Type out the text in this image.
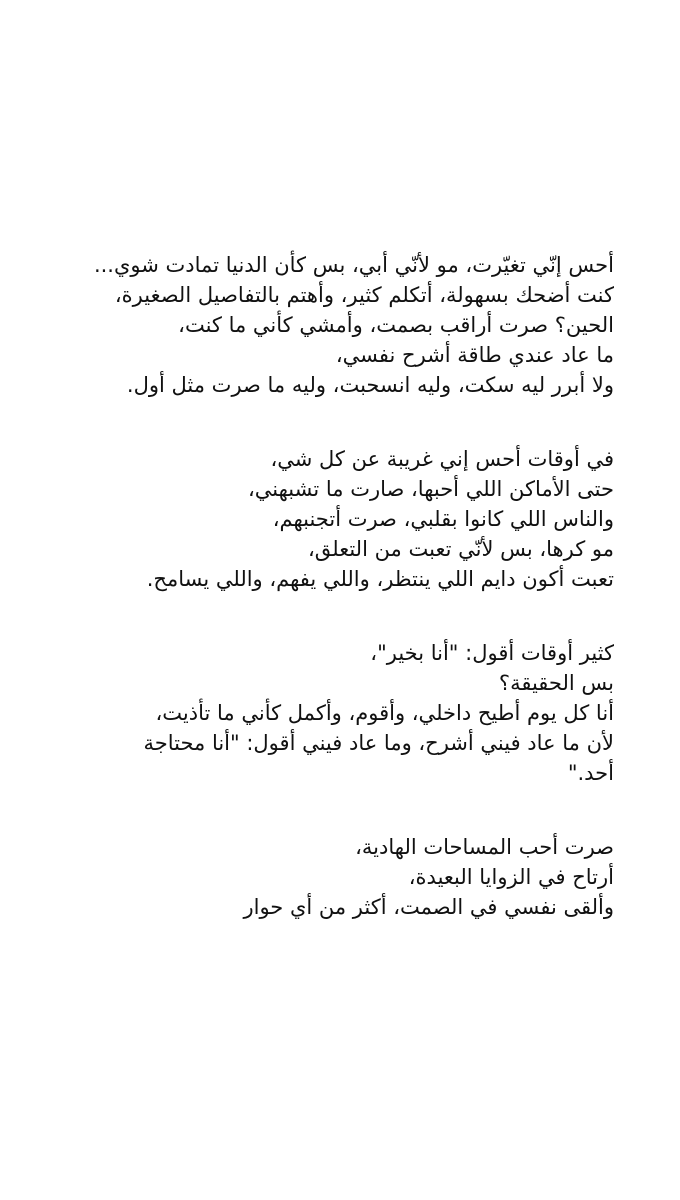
أحس إنّي تغيّرت، مو لأنّي أبي، بس كأن الدنيا تمادت شوي...
كنت أضحك بسهولة، أتكلم كثير، وأهتم بالتفاصيل الصغيرة،
الحين؟ صرت أراقب بصمت، وأمشي كأني ما كنت،
ما عاد عندي طاقة أشرح نفسي،
ولا أبرر ليه سكت، وليه انسحبت، وليه ما صرت مثل أول.

في أوقات أحس إني غريبة عن كل شي،
حتى الأماكن اللي أحبها، صارت ما تشبهني،
والناس اللي كانوا بقلبي، صرت أتجنبهم،
مو كرها، بس لأنّي تعبت من التعلق،
تعبت أكون دايم اللي ينتظر، واللي يفهم، واللي يسامح.

كثير أوقات أقول: "أنا بخير"،
بس الحقيقة؟
أنا كل يوم أطيح داخلي، وأقوم، وأكمل كأني ما تأذيت،
لأن ما عاد فيني أشرح، وما عاد فيني أقول: "أنا محتاجة
أحد."

صرت أحب المساحات الهادية،
أرتاح في الزوايا البعيدة،
وألقى نفسي في الصمت، أكثر من أي حوار
